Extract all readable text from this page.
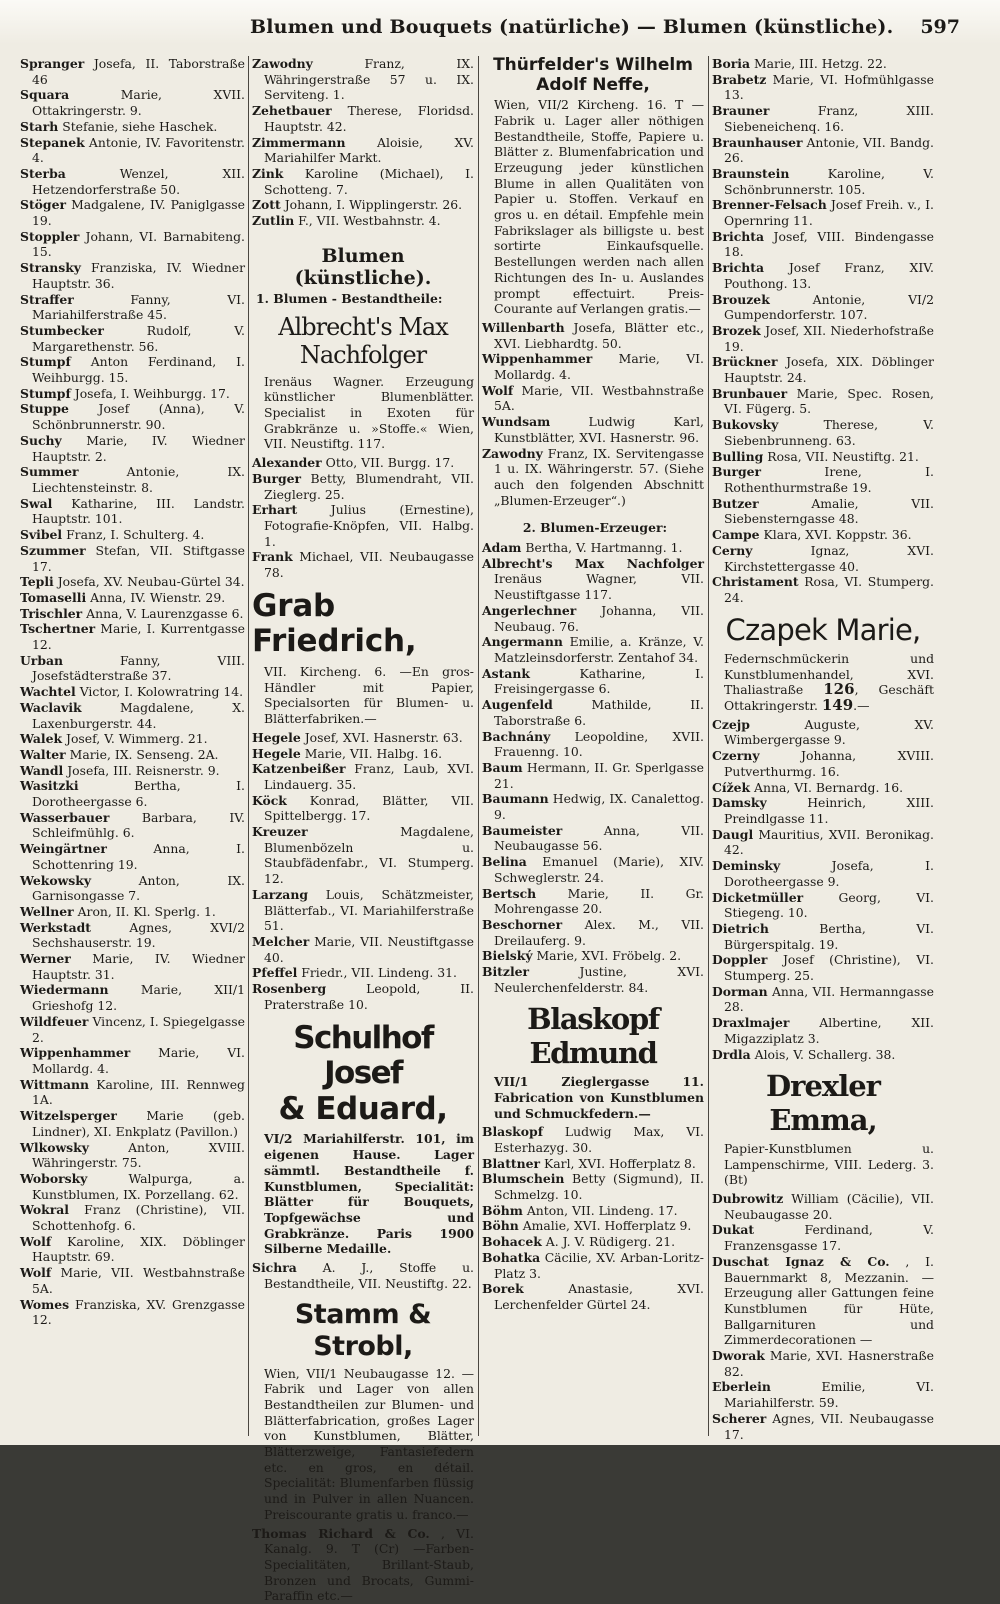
Blumen und Bouquets (natürliche) — Blumen (künstliche). 597

Spranger Josefa, II. Taborstraße 46

Squara	Marie, XVII. Ottakringerstr. 9.

Starh Stefanie, siehe Haschek.

Stepanek Antonie, IV. Favoritenstr. 4.

Sterba	Wenzel, XII. Hetzendorferstraße 50.

Stöger Madgalene, IV. Paniglgasse 19.

Stoppler Johann, VI. Barnabiteng. 15.

Stransky Franziska, IV. Wiedner Hauptstr. 36.

Straffer	Fanny, VI. Mariahilferstraße 45.

Stumbecker	Rudolf, V. Margarethenstr. 56.

Stumpf Anton Ferdinand, I. Weihburgg. 15.

Stumpf Josefa, I. Weihburgg. 17.

Stuppe Josef (Anna), V. Schönbrunnerstr. 90.

Suchy Marie, IV. Wiedner Hauptstr. 2.

Summer	Antonie, IX. Liechtensteinstr. 8.

Swal Katharine, III. Landstr. Hauptstr. 101.

Svibel Franz, I. Schulterg. 4.

Szummer Stefan, VII. Stiftgasse 17.

Tepli Josefa, XV. Neubau-Gürtel 34.

Tomaselli Anna, IV. Wienstr. 29.

Trischler Anna, V. Laurenzgasse 6.

Tschertner Marie, I. Kurrentgasse 12.

Urban	Fanny, VIII. Josefstädterstraße 37.

Wachtel Victor, I. Kolowratring 14.

Waclavik	Magdalene, X. Laxenburgerstr. 44.

Walek Josef, V. Wimmerg. 21.

Walter Marie, IX. Senseng. 2A.

Wandl Josefa, III. Reisnerstr. 9.

Wasitzki	Bertha, I. Dorotheergasse 6.

Wasserbauer	Barbara, IV. Schleifmühlg. 6.

Weingärtner	Anna, I. Schottenring 19.

Wekowsky	Anton, IX. Garnisongasse 7.

Wellner Aron, II. Kl. Sperlg. 1.

Werkstadt	Agnes, XVI/2 Sechshauserstr. 19.

Werner Marie, IV. Wiedner Hauptstr. 31.

Wiedermann	Marie, XII/1 Grieshofg 12.

Wildfeuer Vincenz, I. Spiegelgasse 2.

Wippenhammer Marie, VI. Mollardg. 4.

Wittmann Karoline, III. Rennweg 1A.

Witzelsperger Marie (geb. Lindner), XI. Enkplatz (Pavillon.)

Wlkowsky	Anton, XVIII. Währingerstr. 75.

Woborsky	Walpurga, a. Kunstblumen, IX. Porzellang. 62.

Wokral Franz (Christine), VII. Schottenhofg. 6.

Wolf Karoline, XIX. Döblinger Hauptstr. 69.

Wolf Marie, VII. Westbahnstraße 5A.

Womes Franziska, XV. Grenzgasse 12.

Zawodny	Franz, IX. Währingerstraße 57 u. IX. Serviteng. 1.

Zehetbauer Therese, Floridsd. Hauptstr. 42.

Zimmermann	Aloisie, XV. Mariahilfer Markt.

Zink Karoline (Michael), I. Schotteng. 7.

Zott Johann, I. Wipplingerstr. 26.

Zutlin F., VII. Westbahnstr. 4.

Blumen (künstliche).
1. Blumen - Bestandtheile:
Albrecht's Max Nachfolger

Irenäus Wagner. Erzeugung künstlicher Blumenblätter. Specialist in Exoten für Grabkränze u. »Stoffe.« Wien, VII. Neustiftg. 117.

Alexander Otto, VII. Burgg. 17.

Burger Betty, Blumendraht, VII. Zieglerg. 25.

Erhart	Julius (Ernestine), Fotografie-Knöpfen, VII. Halbg. 1.

Frank Michael, VII. Neubaugasse 78.

Grab Friedrich,

VII. Kircheng. 6. —En gros-Händler mit Papier, Specialsorten für Blumen- u. Blätterfabriken.—

Hegele Josef, XVI. Hasnerstr. 63.

Hegele Marie, VII. Halbg. 16.

Katzenbeißer Franz, Laub, XVI. Lindauerg. 35.

Köck Konrad, Blätter, VII. Spittelbergg. 17.

Kreuzer	Magdalene, Blumenbözeln u. Staubfädenfabr., VI. Stumperg. 12.

Larzang Louis, Schätzmeister, Blätterfab., VI. Mariahilferstraße 51.

Melcher Marie, VII. Neustiftgasse 40.

Pfeffel Friedr., VII. Lindeng. 31.

Rosenberg	Leopold, II. Praterstraße 10.

Schulhof Josef
& Eduard,

VI/2 Mariahilferstr. 101, im eigenen Hause. Lager sämmtl. Bestandtheile f. Kunstblumen, Specialität: Blätter für Bouquets, Topfgewächse und Grabkränze. Paris 1900 Silberne Medaille.

Sichra A. J., Stoffe u. Bestandtheile, VII. Neustiftg. 22.

Stamm & Strobl,

Wien, VII/1 Neubaugasse 12. —Fabrik und Lager von allen Bestandtheilen zur Blumen- und Blätterfabrication, großes Lager von Kunstblumen, Blätter, Blätterzweige, Fantasiefedern etc. en gros, en détail. Specialität: Blumenfarben flüssig und in Pulver in allen Nuancen. Preiscourante gratis u. franco.—

Thomas Richard & Co. , VI. Kanalg. 9. T (Cr) —Farben-Specialitäten, Brillant-Staub, Bronzen und Brocats, Gummi-Paraffin etc.—

Thürfelder's Wilhelm
Adolf Neffe,

Wien, VII/2 Kircheng. 16. T —Fabrik u. Lager aller nöthigen Bestandtheile, Stoffe, Papiere u. Blätter z. Blumenfabrication und Erzeugung jeder künstlichen Blume in allen Qualitäten von Papier u. Stoffen. Verkauf en gros u. en détail. Empfehle mein Fabrikslager als billigste u. best sortirte Einkaufsquelle. Bestellungen werden nach allen Richtungen des In- u. Auslandes prompt effectuirt. Preis-Courante auf Verlangen gratis.—

Willenbarth Josefa, Blätter etc., XVI. Liebhardtg. 50.

Wippenhammer Marie, VI. Mollardg. 4.

Wolf Marie, VII. Westbahnstraße 5A.

Wundsam	Ludwig Karl, Kunstblätter, XVI. Hasnerstr. 96.

Zawodny Franz, IX. Servitengasse 1 u. IX. Währingerstr. 57. (Siehe auch den folgenden Abschnitt „Blumen-Erzeuger“.)

2. Blumen-Erzeuger:

Adam Bertha, V. Hartmanng. 1.

Albrecht's Max Nachfolger Irenäus Wagner, VII. Neustiftgasse 117.

Angerlechner Johanna, VII. Neubaug. 76.

Angermann Emilie, a. Kränze, V. Matzleinsdorferstr. Zentahof 34.

Astank	Katharine, I. Freisingergasse 6.

Augenfeld	Mathilde, II. Taborstraße 6.

Bachnány Leopoldine, XVII. Frauenng. 10.

Baum Hermann, II. Gr. Sperlgasse 21.

Baumann Hedwig, IX. Canalettog. 9.

Baumeister	Anna, VII. Neubaugasse 56.

Belina Emanuel (Marie), XIV. Schweglerstr. 24.

Bertsch	Marie, II. Gr. Mohrengasse 20.

Beschorner Alex. M., VII. Dreilauferg. 9.

Bielský Marie, XVI. Fröbelg. 2.

Bitzler	Justine, XVI. Neulerchenfelderstr. 84.

Blaskopf Edmund

VII/1 Zieglergasse 11. Fabrication von Kunstblumen und Schmuckfedern.—

Blaskopf Ludwig Max, VI. Esterhazyg. 30.

Blattner Karl, XVI. Hofferplatz 8.

Blumschein Betty (Sigmund), II. Schmelzg. 10.

Böhm Anton, VII. Lindeng. 17.

Böhn Amalie, XVI. Hofferplatz 9.

Bohacek A. J. V. Rüdigerg. 21.

Bohatka Cäcilie, XV. Arban-Loritz-Platz 3.

Borek	Anastasie, XVI. Lerchenfelder Gürtel 24.

Boria Marie, III. Hetzg. 22.

Brabetz Marie, VI. Hofmühlgasse 13.

Brauner	Franz, XIII. Siebeneichenq. 16.

Braunhauser Antonie, VII. Bandg. 26.

Braunstein	Karoline, V. Schönbrunnerstr. 105.

Brenner-Felsach Josef Freih. v., I. Opernring 11.

Brichta Josef, VIII. Bindengasse 18.

Brichta Josef Franz, XIV. Pouthong. 13.

Brouzek	Antonie, VI/2 Gumpendorferstr. 107.

Brozek Josef, XII. Niederhofstraße 19.

Brückner Josefa, XIX. Döblinger Hauptstr. 24.

Brunbauer Marie, Spec. Rosen, VI. Fügerg. 5.

Bukovsky	Therese, V. Siebenbrunneng. 63.

Bulling Rosa, VII. Neustiftg. 21.

Burger	Irene, I. Rothenthurmstraße 19.

Butzer	Amalie, VII. Siebensterngasse 48.

Campe Klara, XVI. Koppstr. 36.

Cerny	Ignaz, XVI. Kirchstettergasse 40.

Christament Rosa, VI. Stumperg. 24.

Czapek Marie,

Federnschmückerin und Kunstblumenhandel, XVI. Thaliastraße 126, Geschäft Ottakringerstr. 149.—

Czejp	Auguste, XV. Wimbergergasse 9.

Czerny	Johanna, XVIII. Putverthurmg. 16.

Cížek Anna, VI. Bernardg. 16.

Damsky	Heinrich, XIII. Preindlgasse 11.

Daugl Mauritius, XVII. Beronikag. 42.

Deminsky	Josefa, I. Dorotheergasse 9.

Dicketmüller	Georg, VI. Stiegeng. 10.

Dietrich	Bertha, VI. Bürgerspitalg. 19.

Doppler Josef (Christine), VI. Stumperg. 25.

Dorman Anna, VII. Hermanngasse 28.

Draxlmajer Albertine, XII. Migazziplatz 3.

Drdla Alois, V. Schallerg. 38.

Drexler Emma,

Papier-Kunstblumen u. Lampenschirme, VIII. Lederg. 3. (Bt)

Dubrowitz William (Cäcilie), VII. Neubaugasse 20.

Dukat	Ferdinand, V. Franzensgasse 17.

Duschat Ignaz & Co. , I. Bauernmarkt 8, Mezzanin. —Erzeugung aller Gattungen feine Kunstblumen für Hüte, Ballgarnituren und Zimmerdecorationen —

Dworak Marie, XVI. Hasnerstraße 82.

Eberlein	Emilie, VI. Mariahilferstr. 59.

Scherer Agnes, VII. Neubaugasse 17.
